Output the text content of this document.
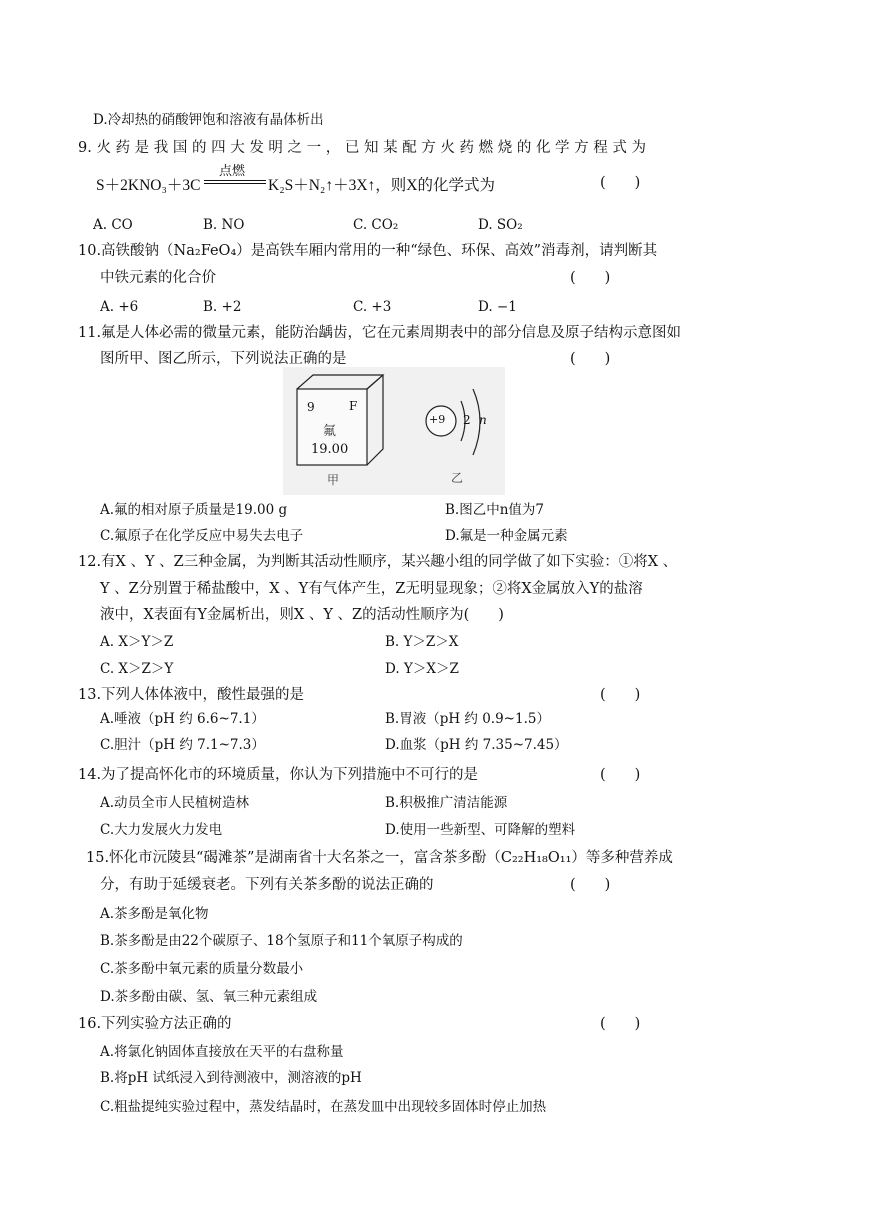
D.冷却热的硝酸钾饱和溶液有晶体析出
9. 火 药 是 我 国 的 四 大 发 明 之 一 ， 已 知 某 配 方 火 药 燃 烧 的 化 学 方 程 式 为
S＋2KNO₃＋3C
点燃
K₂S＋N₂↑＋3X↑，则X的化学式为	(　　)
A. CO	B. NO	C. CO₂	D. SO₂
10.高铁酸钠（Na₂FeO₄）是高铁车厢内常用的一种“绿色、环保、高效”消毒剂，请判断其
中铁元素的化合价	(　　)
A. +6	B. +2	C. +3	D. −1
11.氟是人体必需的微量元素，能防治龋齿，它在元素周期表中的部分信息及原子结构示意图如
图所甲、图乙所示，下列说法正确的是	(　　)
9	F
氟
19.00
甲
+9 2 n
乙
A.氟的相对原子质量是19.00 g	B.图乙中n值为7
C.氟原子在化学反应中易失去电子	D.氟是一种金属元素
12.有X 、Y 、Z三种金属，为判断其活动性顺序，某兴趣小组的同学做了如下实验：①将X 、
Y 、Z分别置于稀盐酸中，X 、Y有气体产生，Z无明显现象；②将X金属放入Y的盐溶
液中，X表面有Y金属析出，则X 、Y 、Z的活动性顺序为(　　)
A. X＞Y＞Z	B. Y＞Z＞X
C. X＞Z＞Y	D. Y＞X＞Z
13.下列人体体液中，酸性最强的是	(　　)
A.唾液（pH 约 6.6~7.1）	B.胃液（pH 约 0.9~1.5）
C.胆汁（pH 约 7.1~7.3）	D.血浆（pH 约 7.35~7.45）
14.为了提高怀化市的环境质量，你认为下列措施中不可行的是	(　　)
A.动员全市人民植树造林	B.积极推广清洁能源
C.大力发展火力发电	D.使用一些新型、可降解的塑料
15.怀化市沅陵县“碣滩茶”是湖南省十大名茶之一，富含茶多酚（C₂₂H₁₈O₁₁）等多种营养成
分，有助于延缓衰老。下列有关茶多酚的说法正确的	(　　)
A.茶多酚是氧化物
B.茶多酚是由22个碳原子、18个氢原子和11个氧原子构成的
C.茶多酚中氧元素的质量分数最小
D.茶多酚由碳、氢、氧三种元素组成
16.下列实验方法正确的	(　　)
A.将氯化钠固体直接放在天平的右盘称量
B.将pH 试纸浸入到待测液中，测溶液的pH
C.粗盐提纯实验过程中，蒸发结晶时，在蒸发皿中出现较多固体时停止加热
